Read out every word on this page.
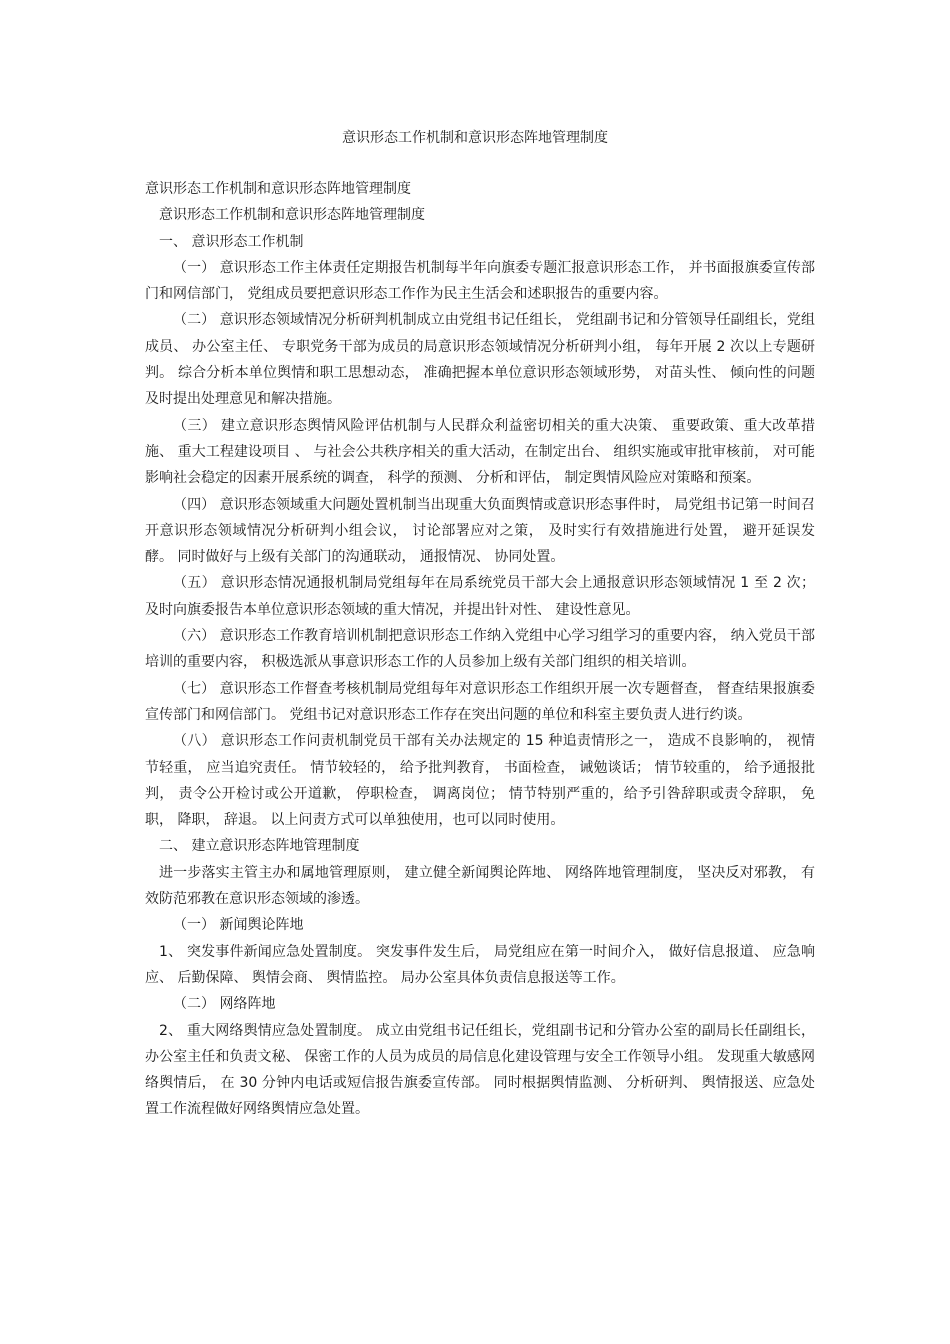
意识形态工作机制和意识形态阵地管理制度

意识形态工作机制和意识形态阵地管理制度

意识形态工作机制和意识形态阵地管理制度

一、 意识形态工作机制

（一） 意识形态工作主体责任定期报告机制每半年向旗委专题汇报意识形态工作， 并书面报旗委宣传部门和网信部门， 党组成员要把意识形态工作作为民主生活会和述职报告的重要内容。

（二） 意识形态领域情况分析研判机制成立由党组书记任组长， 党组副书记和分管领导任副组长，党组成员、 办公室主任、 专职党务干部为成员的局意识形态领域情况分析研判小组， 每年开展 2 次以上专题研判。 综合分析本单位舆情和职工思想动态， 准确把握本单位意识形态领域形势， 对苗头性、 倾向性的问题及时提出处理意见和解决措施。

（三） 建立意识形态舆情风险评估机制与人民群众利益密切相关的重大决策、 重要政策、重大改革措施、 重大工程建设项目 、 与社会公共秩序相关的重大活动，在制定出台、 组织实施或审批审核前， 对可能影响社会稳定的因素开展系统的调查， 科学的预测、 分析和评估， 制定舆情风险应对策略和预案。

（四） 意识形态领域重大问题处置机制当出现重大负面舆情或意识形态事件时， 局党组书记第一时间召开意识形态领域情况分析研判小组会议， 讨论部署应对之策， 及时实行有效措施进行处置， 避开延误发酵。 同时做好与上级有关部门的沟通联动， 通报情况、 协同处置。

（五） 意识形态情况通报机制局党组每年在局系统党员干部大会上通报意识形态领域情况 1 至 2 次； 及时向旗委报告本单位意识形态领域的重大情况，并提出针对性、 建设性意见。

（六） 意识形态工作教育培训机制把意识形态工作纳入党组中心学习组学习的重要内容， 纳入党员干部培训的重要内容， 积极选派从事意识形态工作的人员参加上级有关部门组织的相关培训。

（七） 意识形态工作督查考核机制局党组每年对意识形态工作组织开展一次专题督查， 督查结果报旗委宣传部门和网信部门。 党组书记对意识形态工作存在突出问题的单位和科室主要负责人进行约谈。

（八） 意识形态工作问责机制党员干部有关办法规定的 15 种追责情形之一， 造成不良影响的， 视情节轻重， 应当追究责任。 情节较轻的， 给予批判教育， 书面检查， 诫勉谈话； 情节较重的， 给予通报批判， 责令公开检讨或公开道歉， 停职检查， 调离岗位； 情节特别严重的，给予引咎辞职或责令辞职， 免职， 降职， 辞退。 以上问责方式可以单独使用，也可以同时使用。

二、 建立意识形态阵地管理制度

进一步落实主管主办和属地管理原则， 建立健全新闻舆论阵地、 网络阵地管理制度， 坚决反对邪教， 有效防范邪教在意识形态领域的渗透。

（一） 新闻舆论阵地

1、 突发事件新闻应急处置制度。 突发事件发生后， 局党组应在第一时间介入， 做好信息报道、 应急响应、 后勤保障、 舆情会商、 舆情监控。 局办公室具体负责信息报送等工作。

（二） 网络阵地

2、 重大网络舆情应急处置制度。 成立由党组书记任组长，党组副书记和分管办公室的副局长任副组长， 办公室主任和负责文秘、 保密工作的人员为成员的局信息化建设管理与安全工作领导小组。 发现重大敏感网络舆情后， 在 30 分钟内电话或短信报告旗委宣传部。 同时根据舆情监测、 分析研判、 舆情报送、应急处置工作流程做好网络舆情应急处置。
